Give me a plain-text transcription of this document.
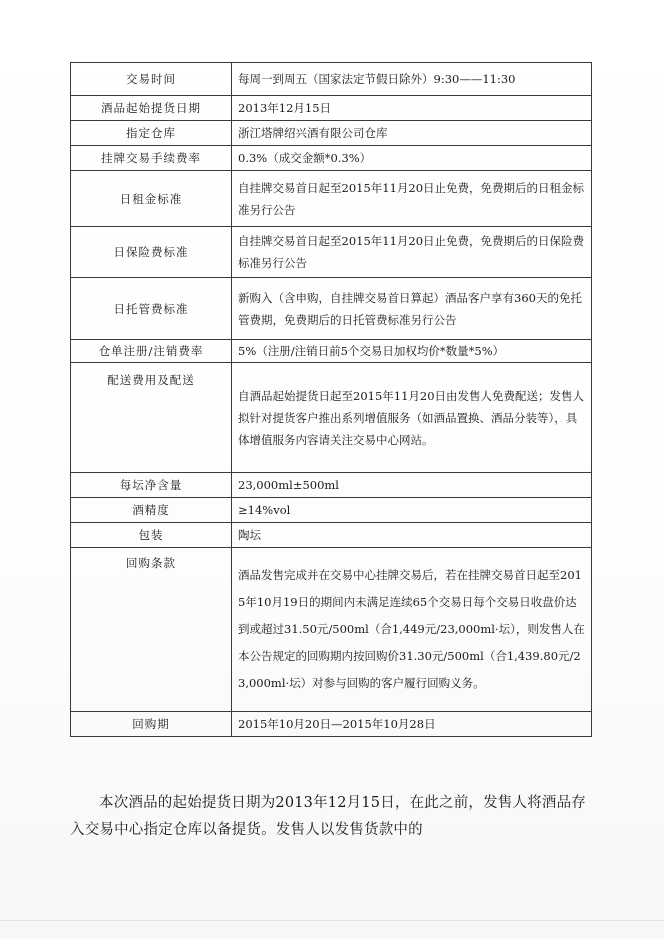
交易时间	每周一到周五（国家法定节假日除外）9:30——11:30
酒品起始提货日期	2013年12月15日
指定仓库	浙江塔牌绍兴酒有限公司仓库
挂牌交易手续费率	0.3%（成交金额*0.3%）
日租金标准	自挂牌交易首日起至2015年11月20日止免费，免费期后的日租金标准另行公告
日保险费标准	自挂牌交易首日起至2015年11月20日止免费，免费期后的日保险费标准另行公告
日托管费标准	新购入（含申购，自挂牌交易首日算起）酒品客户享有360天的免托管费期，免费期后的日托管费标准另行公告
仓单注册/注销费率	5%（注册/注销日前5个交易日加权均价*数量*5%）
配送费用及配送	自酒品起始提货日起至2015年11月20日由发售人免费配送；发售人拟针对提货客户推出系列增值服务（如酒品置换、酒品分装等），具体增值服务内容请关注交易中心网站。
每坛净含量	23,000ml±500ml
酒精度	≥14%vol
包装	陶坛
回购条款	酒品发售完成并在交易中心挂牌交易后，若在挂牌交易首日起至2015年10月19日的期间内未满足连续65个交易日每个交易日收盘价达到或超过31.50元/500ml（合1,449元/23,000ml·坛），则发售人在本公告规定的回购期内按回购价31.30元/500ml（合1,439.80元/23,000ml·坛）对参与回购的客户履行回购义务。
回购期	2015年10月20日—2015年10月28日

本次酒品的起始提货日期为2013年12月15日，在此之前，发售人将酒品存入交易中心指定仓库以备提货。发售人以发售货款中的
